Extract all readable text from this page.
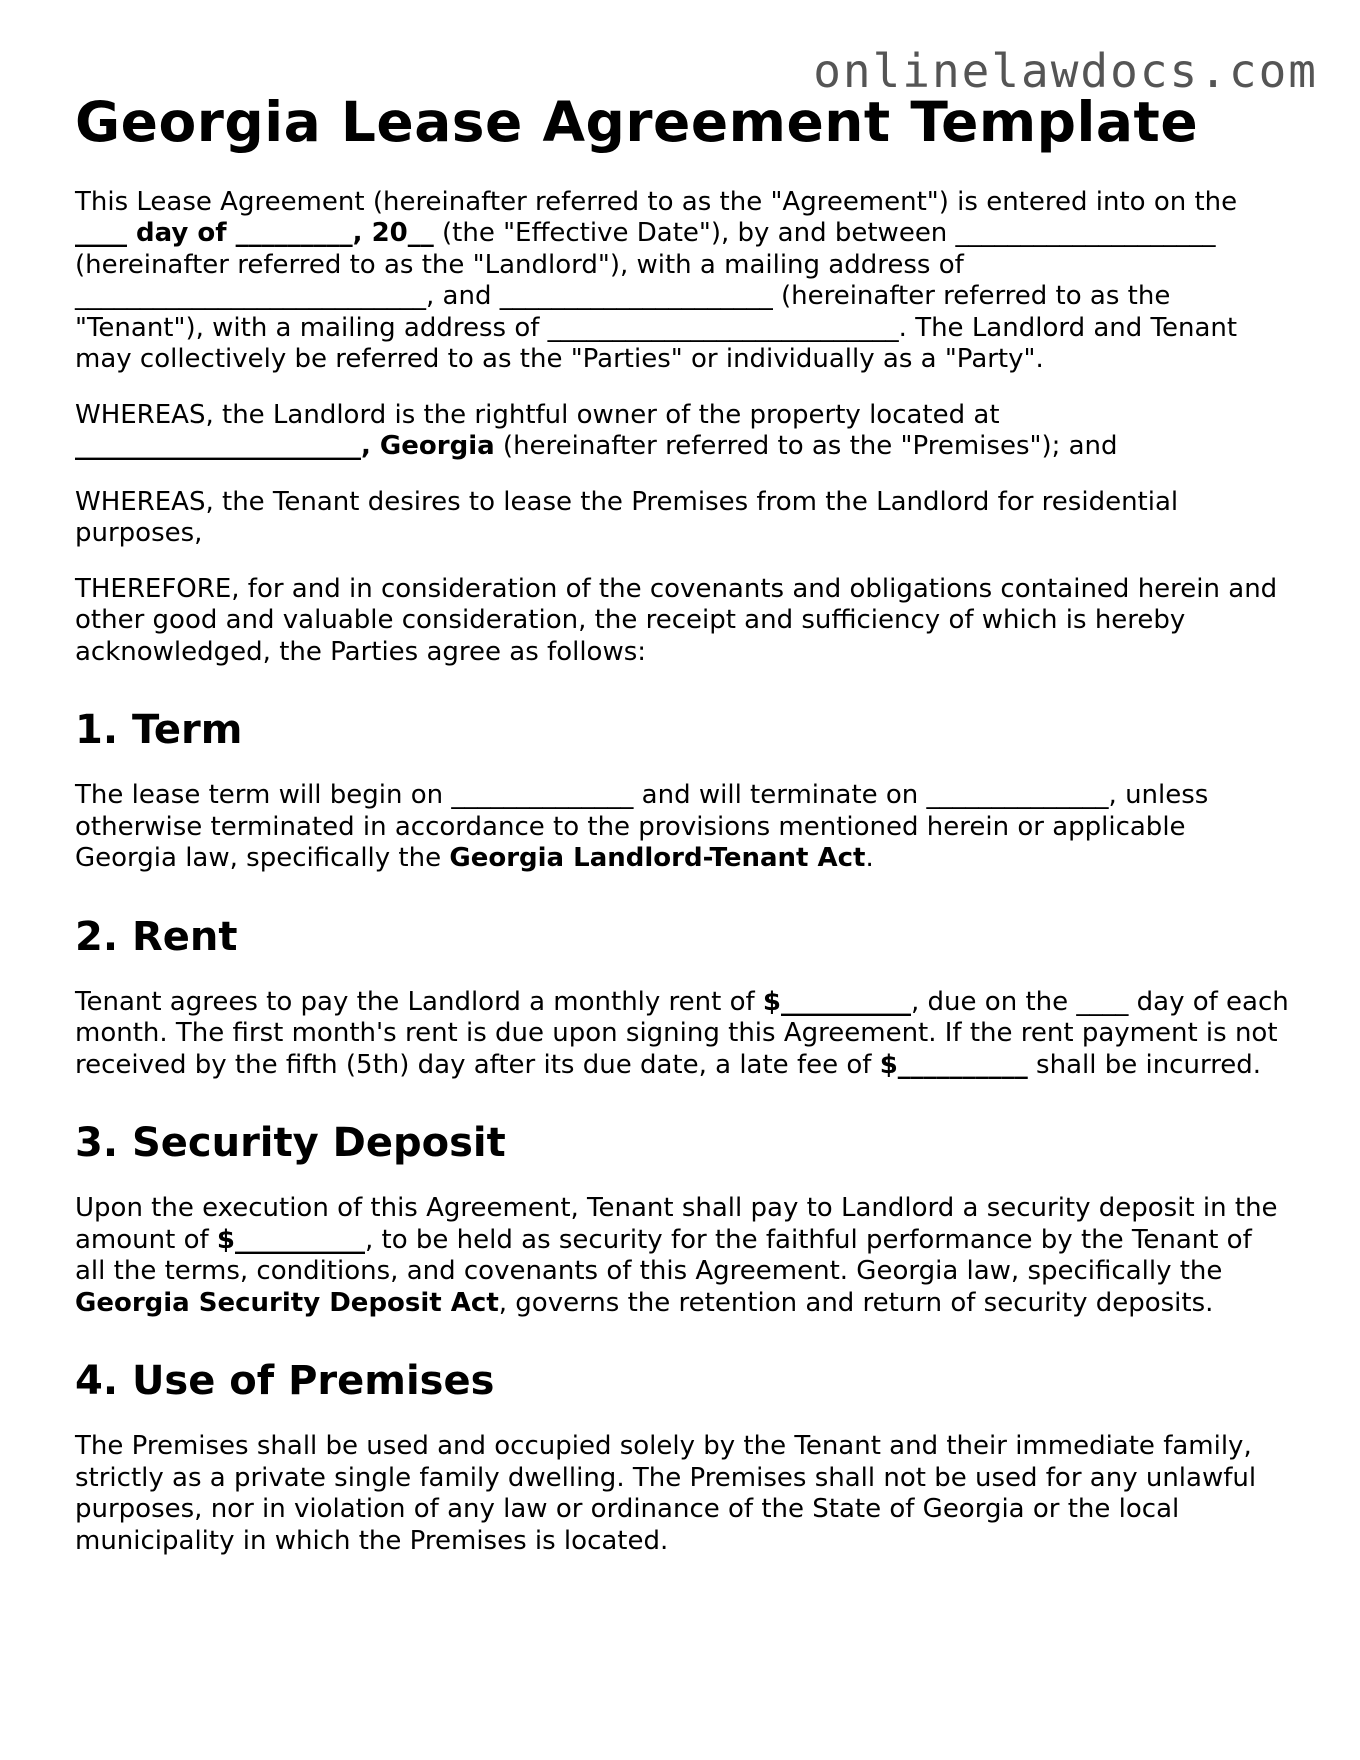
onlinelawdocs.com
Georgia Lease Agreement Template

This Lease Agreement (hereinafter referred to as the "Agreement") is entered into on the ____ day of _________, 20__ (the "Effective Date"), by and between ____________________ (hereinafter referred to as the "Landlord"), with a mailing address of ___________________________, and _____________________ (hereinafter referred to as the "Tenant"), with a mailing address of ___________________________. The Landlord and Tenant may collectively be referred to as the "Parties" or individually as a "Party".

WHEREAS, the Landlord is the rightful owner of the property located at ______________________, Georgia (hereinafter referred to as the "Premises"); and

WHEREAS, the Tenant desires to lease the Premises from the Landlord for residential purposes,

THEREFORE, for and in consideration of the covenants and obligations contained herein and other good and valuable consideration, the receipt and sufficiency of which is hereby acknowledged, the Parties agree as follows:

1. Term

The lease term will begin on ______________ and will terminate on ______________, unless otherwise terminated in accordance to the provisions mentioned herein or applicable Georgia law, specifically the Georgia Landlord-Tenant Act.

2. Rent

Tenant agrees to pay the Landlord a monthly rent of $__________, due on the ____ day of each month. The first month's rent is due upon signing this Agreement. If the rent payment is not received by the fifth (5th) day after its due date, a late fee of $__________ shall be incurred.

3. Security Deposit

Upon the execution of this Agreement, Tenant shall pay to Landlord a security deposit in the amount of $__________, to be held as security for the faithful performance by the Tenant of all the terms, conditions, and covenants of this Agreement. Georgia law, specifically the Georgia Security Deposit Act, governs the retention and return of security deposits.

4. Use of Premises

The Premises shall be used and occupied solely by the Tenant and their immediate family, strictly as a private single family dwelling. The Premises shall not be used for any unlawful purposes, nor in violation of any law or ordinance of the State of Georgia or the local municipality in which the Premises is located.
